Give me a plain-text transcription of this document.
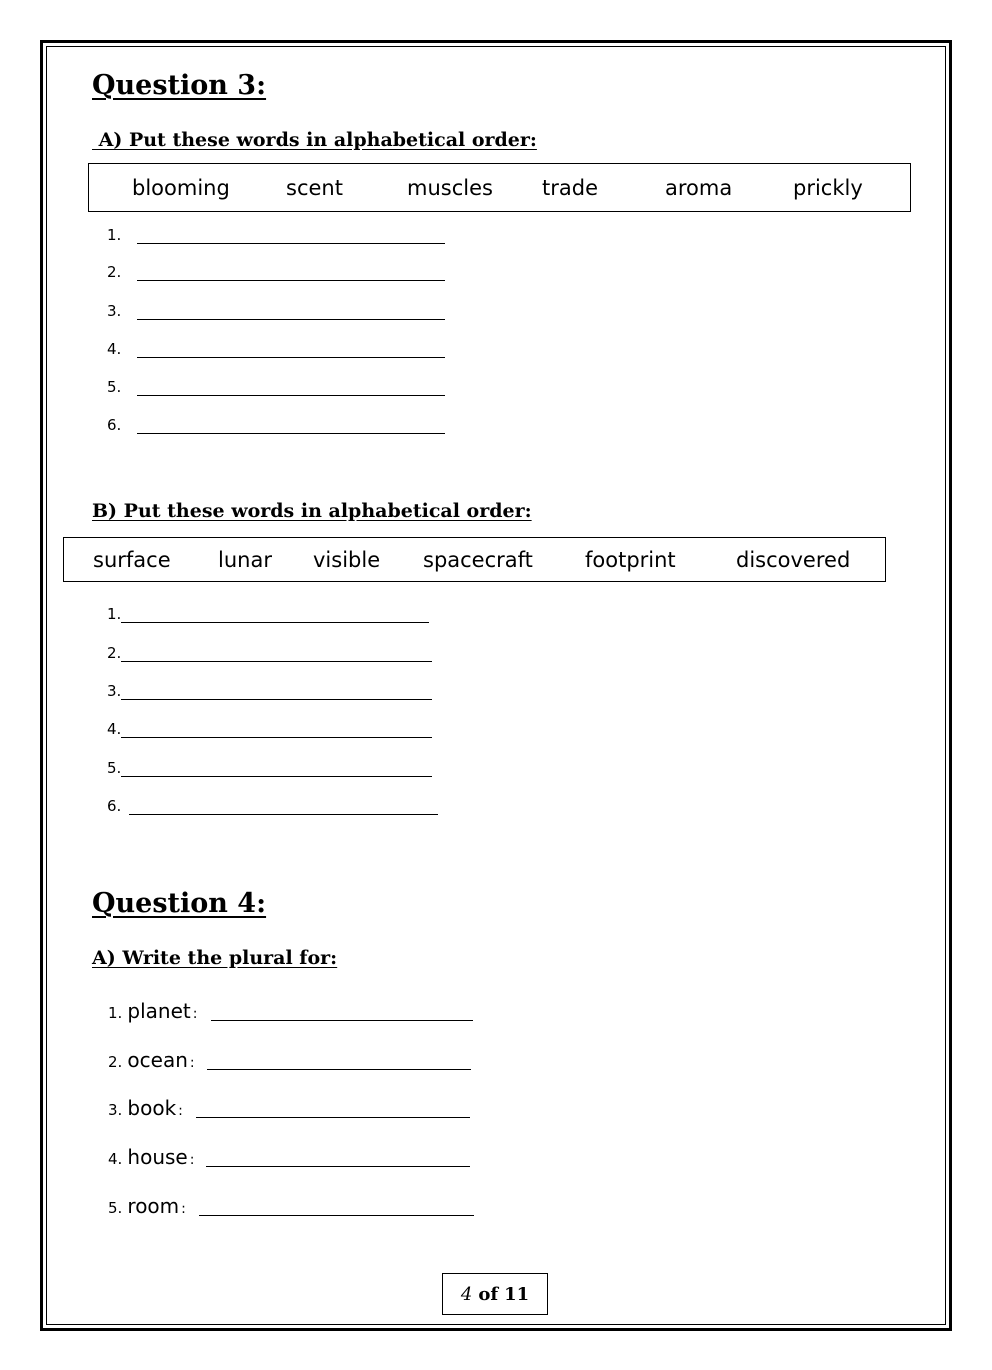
Question 3:
A) Put these words in alphabetical order:
blooming	scent	muscles trade	aroma	prickly
1.
2.
3.
4.
5.
6.
B) Put these words in alphabetical order:
surface lunar visible spacecraft footprint	discovered
1.
2.
3.
4.
5.
6.
Question 4:
A) Write the plural for:
1. planet :
2. ocean :
3. book :
4. house :
5. room :
4 of 11
